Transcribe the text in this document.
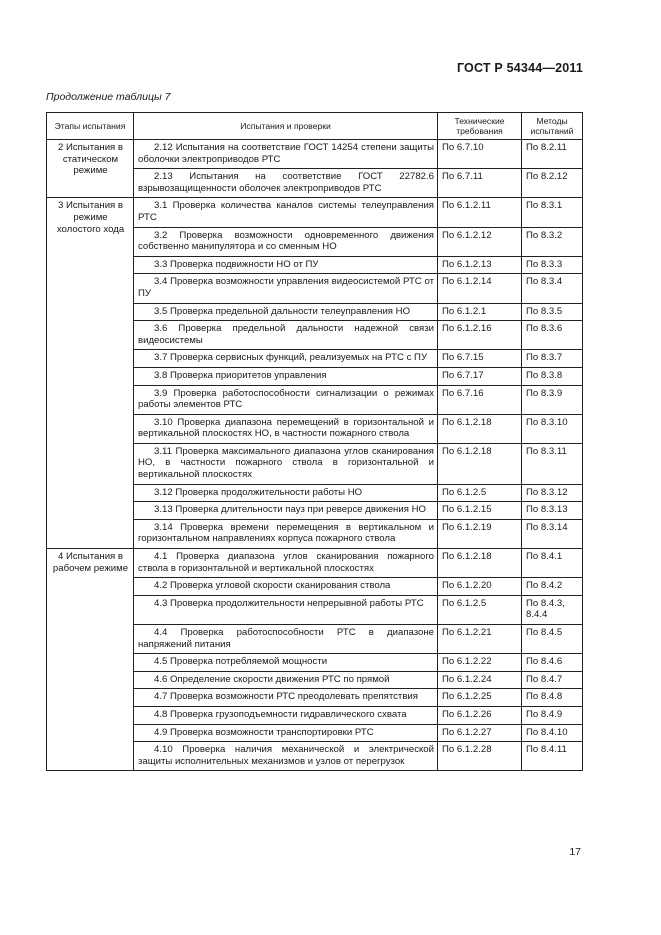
ГОСТ Р 54344—2011
Продолжение таблицы 7
Этапы испытания	Испытания и проверки	Технические требования	Методы испытаний
2 Испытания в статическом режиме	2.12 Испытания на соответствие ГОСТ 14254 степени защиты оболочки электроприводов РТС	По 6.7.10	По 8.2.11
	2.13 Испытания на соответствие ГОСТ 22782.6 взрывозащищенности оболочек электроприводов РТС	По 6.7.11	По 8.2.12
3 Испытания в режиме холостого хода	3.1 Проверка количества каналов системы телеуправления РТС	По 6.1.2.11	По 8.3.1
	3.2 Проверка возможности одновременного движения собственно манипулятора и со сменным НО	По 6.1.2.12	По 8.3.2
	3.3 Проверка подвижности НО от ПУ	По 6.1.2.13	По 8.3.3
	3.4 Проверка возможности управления видеосистемой РТС от ПУ	По 6.1.2.14	По 8.3.4
	3.5 Проверка предельной дальности телеуправления НО	По 6.1.2.1	По 8.3.5
	3.6 Проверка предельной дальности надежной связи видеосистемы	По 6.1.2.16	По 8.3.6
	3.7 Проверка сервисных функций, реализуемых на РТС с ПУ	По 6.7.15	По 8.3.7
	3.8 Проверка приоритетов управления	По 6.7.17	По 8.3.8
	3.9 Проверка работоспособности сигнализации о режимах работы элементов РТС	По 6.7.16	По 8.3.9
	3.10 Проверка диапазона перемещений в горизонтальной и вертикальной плоскостях НО, в частности пожарного ствола	По 6.1.2.18	По 8.3.10
	3.11 Проверка максимального диапазона углов сканирования НО, в частности пожарного ствола в горизонтальной и вертикальной плоскостях	По 6.1.2.18	По 8.3.11
	3.12 Проверка продолжительности работы НО	По 6.1.2.5	По 8.3.12
	3.13 Проверка длительности пауз при реверсе движения НО	По 6.1.2.15	По 8.3.13
	3.14 Проверка времени перемещения в вертикальном и горизонтальном направлениях корпуса пожарного ствола	По 6.1.2.19	По 8.3.14
4 Испытания в рабочем режиме	4.1 Проверка диапазона углов сканирования пожарного ствола в горизонтальной и вертикальной плоскостях	По 6.1.2.18	По 8.4.1
	4.2 Проверка угловой скорости сканирования ствола	По 6.1.2.20	По 8.4.2
	4.3 Проверка продолжительности непрерывной работы РТС	По 6.1.2.5	По 8.4.3, 8.4.4
	4.4 Проверка работоспособности РТС в диапазоне напряжений питания	По 6.1.2.21	По 8.4.5
	4.5 Проверка потребляемой мощности	По 6.1.2.22	По 8.4.6
	4.6 Определение скорости движения РТС по прямой	По 6.1.2.24	По 8.4.7
	4.7 Проверка возможности РТС преодолевать препятствия	По 6.1.2.25	По 8.4.8
	4.8 Проверка грузоподъемности гидравлического схвата	По 6.1.2.26	По 8.4.9
	4.9 Проверка возможности транспортировки РТС	По 6.1.2.27	По 8.4.10
	4.10 Проверка наличия механической и электрической защиты исполнительных механизмов и узлов от перегрузок	По 6.1.2.28	По 8.4.11
17
